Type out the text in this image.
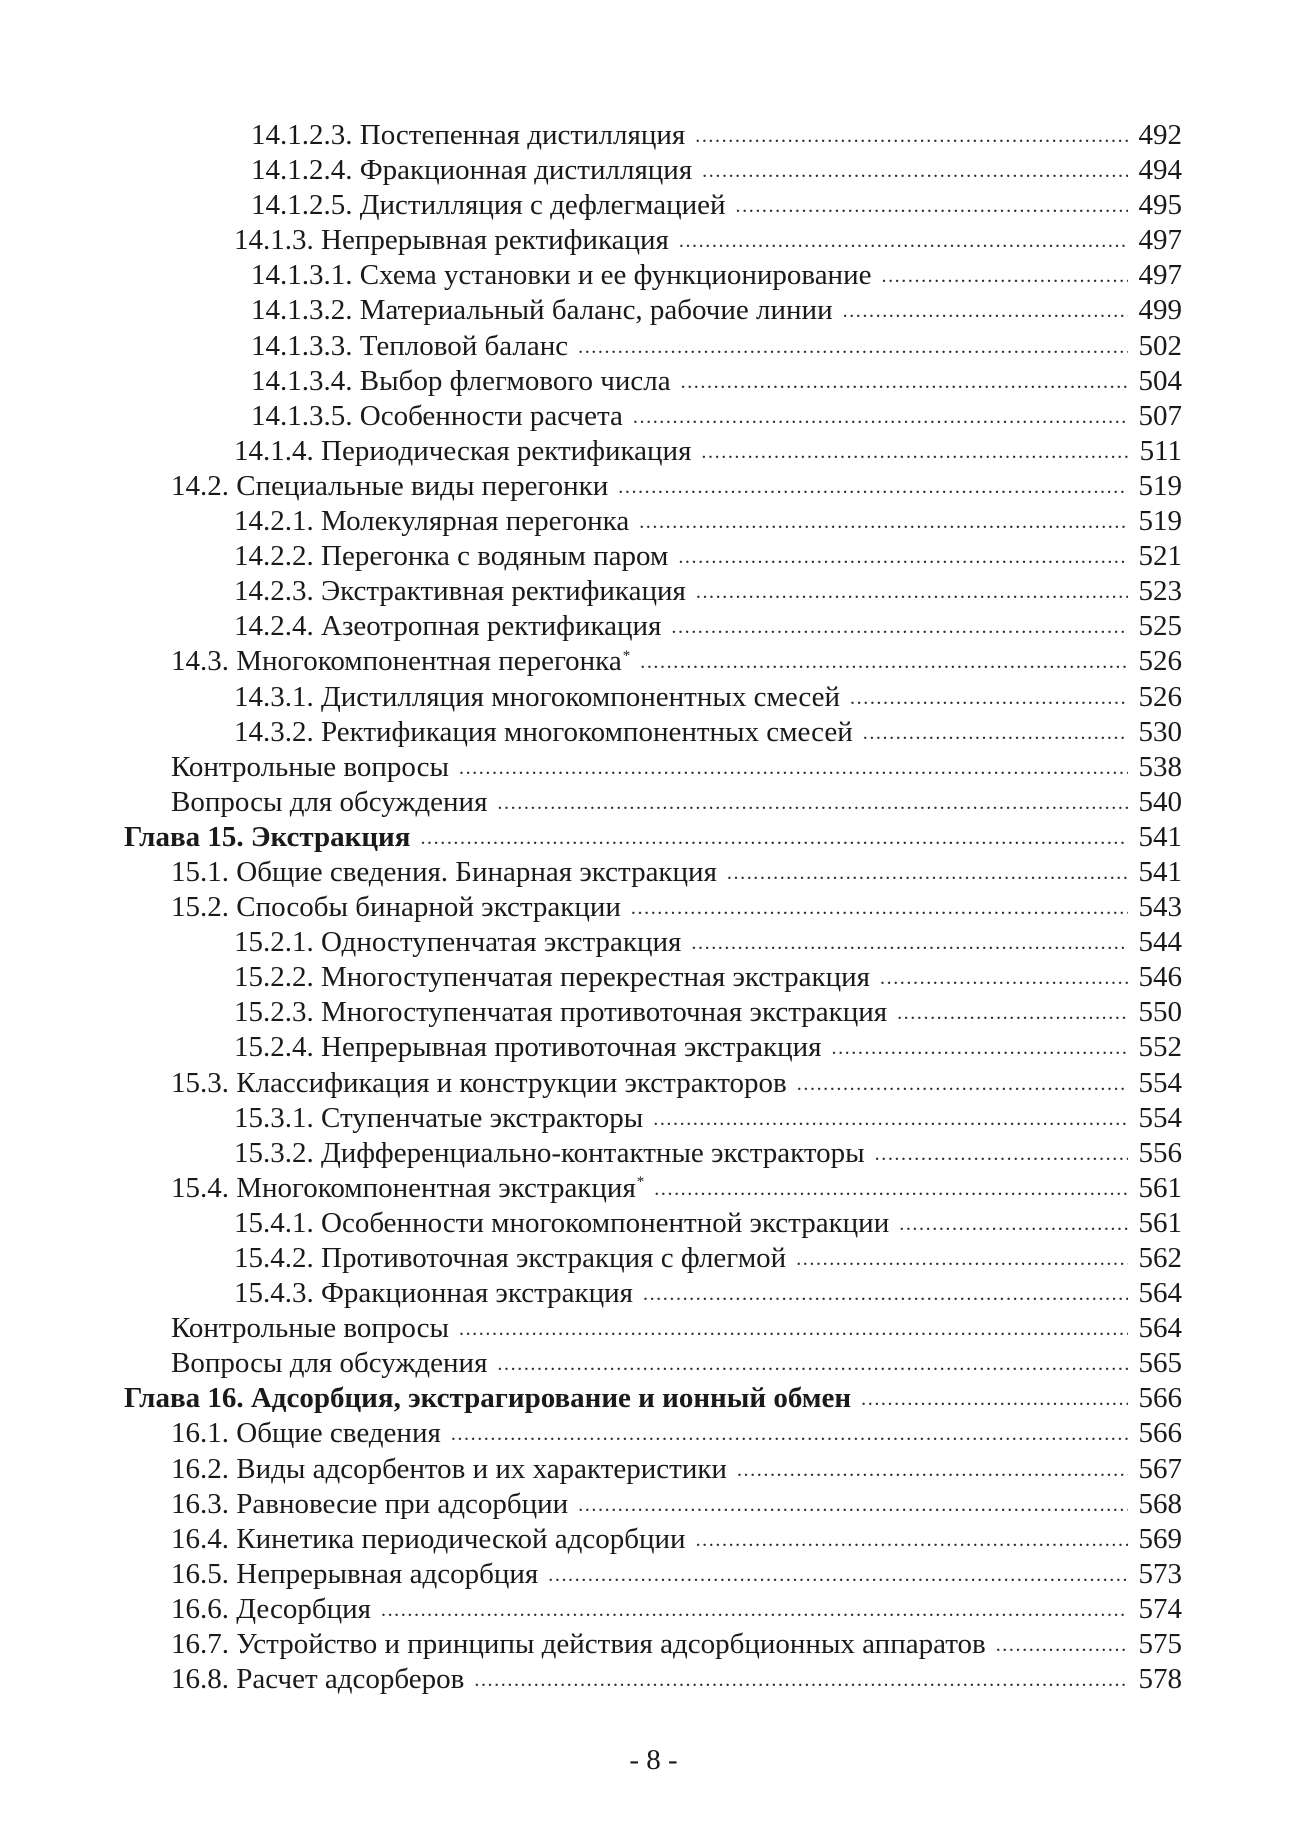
14.1.2.3. Постепенная дистилляция .....	492
14.1.2.4. Фракционная дистилляция .....	494
14.1.2.5. Дистилляция с дефлегмацией .....	495
14.1.3. Непрерывная ректификация .....	497
14.1.3.1. Схема установки и ее функционирование .....	497
14.1.3.2. Материальный баланс, рабочие линии .....	499
14.1.3.3. Тепловой баланс .....	502
14.1.3.4. Выбор флегмового числа .....	504
14.1.3.5. Особенности расчета .....	507
14.1.4. Периодическая ректификация .....	511
14.2. Специальные виды перегонки .....	519
14.2.1. Молекулярная перегонка .....	519
14.2.2. Перегонка с водяным паром .....	521
14.2.3. Экстрактивная ректификация .....	523
14.2.4. Азеотропная ректификация .....	525
14.3. Многокомпонентная перегонка* .....	526
14.3.1. Дистилляция многокомпонентных смесей .....	526
14.3.2. Ректификация многокомпонентных смесей .....	530
Контрольные вопросы .....	538
Вопросы для обсуждения .....	540
Глава 15. Экстракция .....	541
15.1. Общие сведения. Бинарная экстракция .....	541
15.2. Способы бинарной экстракции .....	543
15.2.1. Одноступенчатая экстракция .....	544
15.2.2. Многоступенчатая перекрестная экстракция .....	546
15.2.3. Многоступенчатая противоточная экстракция .....	550
15.2.4. Непрерывная противоточная экстракция .....	552
15.3. Классификация и конструкции экстракторов .....	554
15.3.1. Ступенчатые экстракторы .....	554
15.3.2. Дифференциально-контактные экстракторы .....	556
15.4. Многокомпонентная экстракция* .....	561
15.4.1. Особенности многокомпонентной экстракции .....	561
15.4.2. Противоточная экстракция с флегмой .....	562
15.4.3. Фракционная экстракция .....	564
Контрольные вопросы .....	564
Вопросы для обсуждения .....	565
Глава 16. Адсорбция, экстрагирование и ионный обмен .....	566
16.1. Общие сведения .....	566
16.2. Виды адсорбентов и их характеристики .....	567
16.3. Равновесие при адсорбции .....	568
16.4. Кинетика периодической адсорбции .....	569
16.5. Непрерывная адсорбция .....	573
16.6. Десорбция .....	574
16.7. Устройство и принципы действия адсорбционных аппаратов .....	575
16.8. Расчет адсорберов .....	578
- 8 -
